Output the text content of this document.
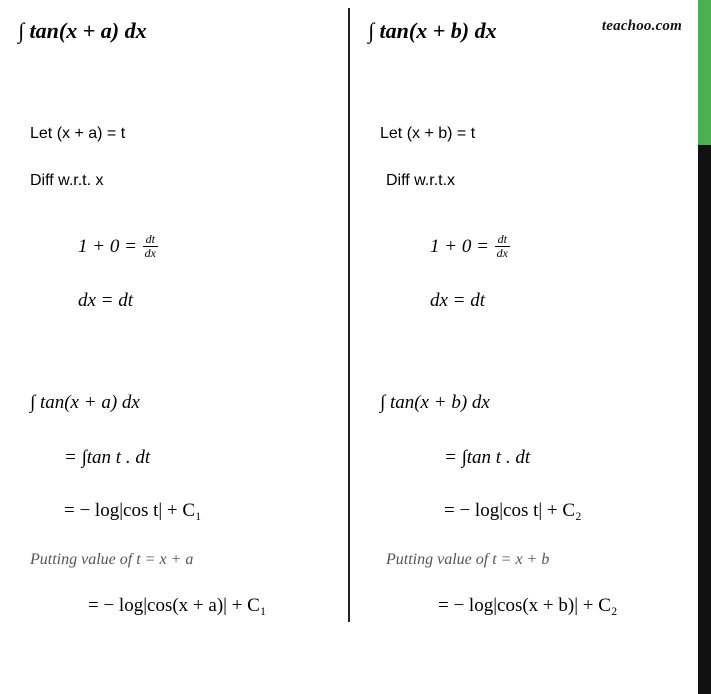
teachoo.com
∫ tan(x + a) dx
Let (x + a) = t
Diff w.r.t. x
$1 + 0 = \frac{dt}{dx}$
dx = dt
∫ tan(x + a) dx
= ∫tan t . dt
= − log|cos t| + C₁
Putting value of t = x + a
= − log|cos(x + a)| + C₁
∫ tan(x + b) dx
Let (x + b) = t
Diff w.r.t.x
$1 + 0 = \frac{dt}{dx}$
dx = dt
∫ tan(x + b) dx
= ∫tan t . dt
= − log|cos t| + C₂
Putting value of t = x + b
= − log|cos(x + b)| + C₂
